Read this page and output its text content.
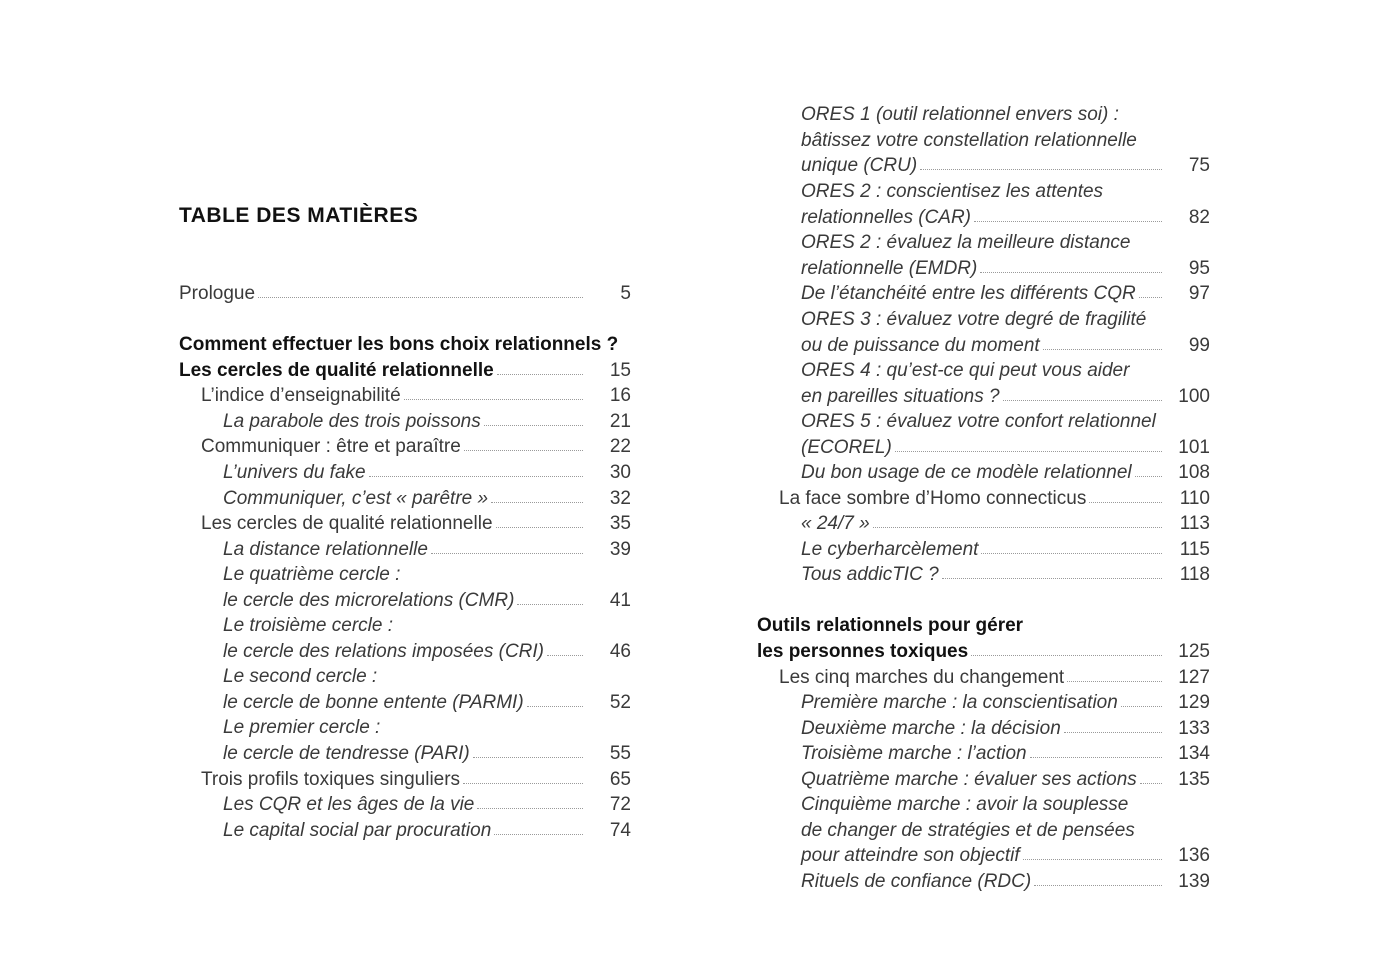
TABLE DES MATIÈRES
Prologue	5
Comment effectuer les bons choix relationnels ?
Les cercles de qualité relationnelle	15
L’indice d’enseignabilité	16
La parabole des trois poissons	21
Communiquer : être et paraître	22
L’univers du fake	30
Communiquer, c’est « parêtre »	32
Les cercles de qualité relationnelle	35
La distance relationnelle	39
Le quatrième cercle :
le cercle des microrelations (CMR)	41
Le troisième cercle :
le cercle des relations imposées (CRI)	46
Le second cercle :
le cercle de bonne entente (PARMI)	52
Le premier cercle :
le cercle de tendresse (PARI)	55
Trois profils toxiques singuliers	65
Les CQR et les âges de la vie	72
Le capital social par procuration	74
ORES 1 (outil relationnel envers soi) :
bâtissez votre constellation relationnelle
unique (CRU)	75
ORES 2 : conscientisez les attentes
relationnelles (CAR)	82
ORES 2 : évaluez la meilleure distance
relationnelle (EMDR)	95
De l’étanchéité entre les différents CQR	97
ORES 3 : évaluez votre degré de fragilité
ou de puissance du moment	99
ORES 4 : qu’est-ce qui peut vous aider
en pareilles situations ?	100
ORES 5 : évaluez votre confort relationnel
(ECOREL)	101
Du bon usage de ce modèle relationnel	108
La face sombre d’Homo connecticus	110
« 24/7 »	113
Le cyberharcèlement	115
Tous addicTIC ?	118
Outils relationnels pour gérer
les personnes toxiques	125
Les cinq marches du changement	127
Première marche : la conscientisation	129
Deuxième marche : la décision	133
Troisième marche : l’action	134
Quatrième marche : évaluer ses actions	135
Cinquième marche : avoir la souplesse
de changer de stratégies et de pensées
pour atteindre son objectif	136
Rituels de confiance (RDC)	139
